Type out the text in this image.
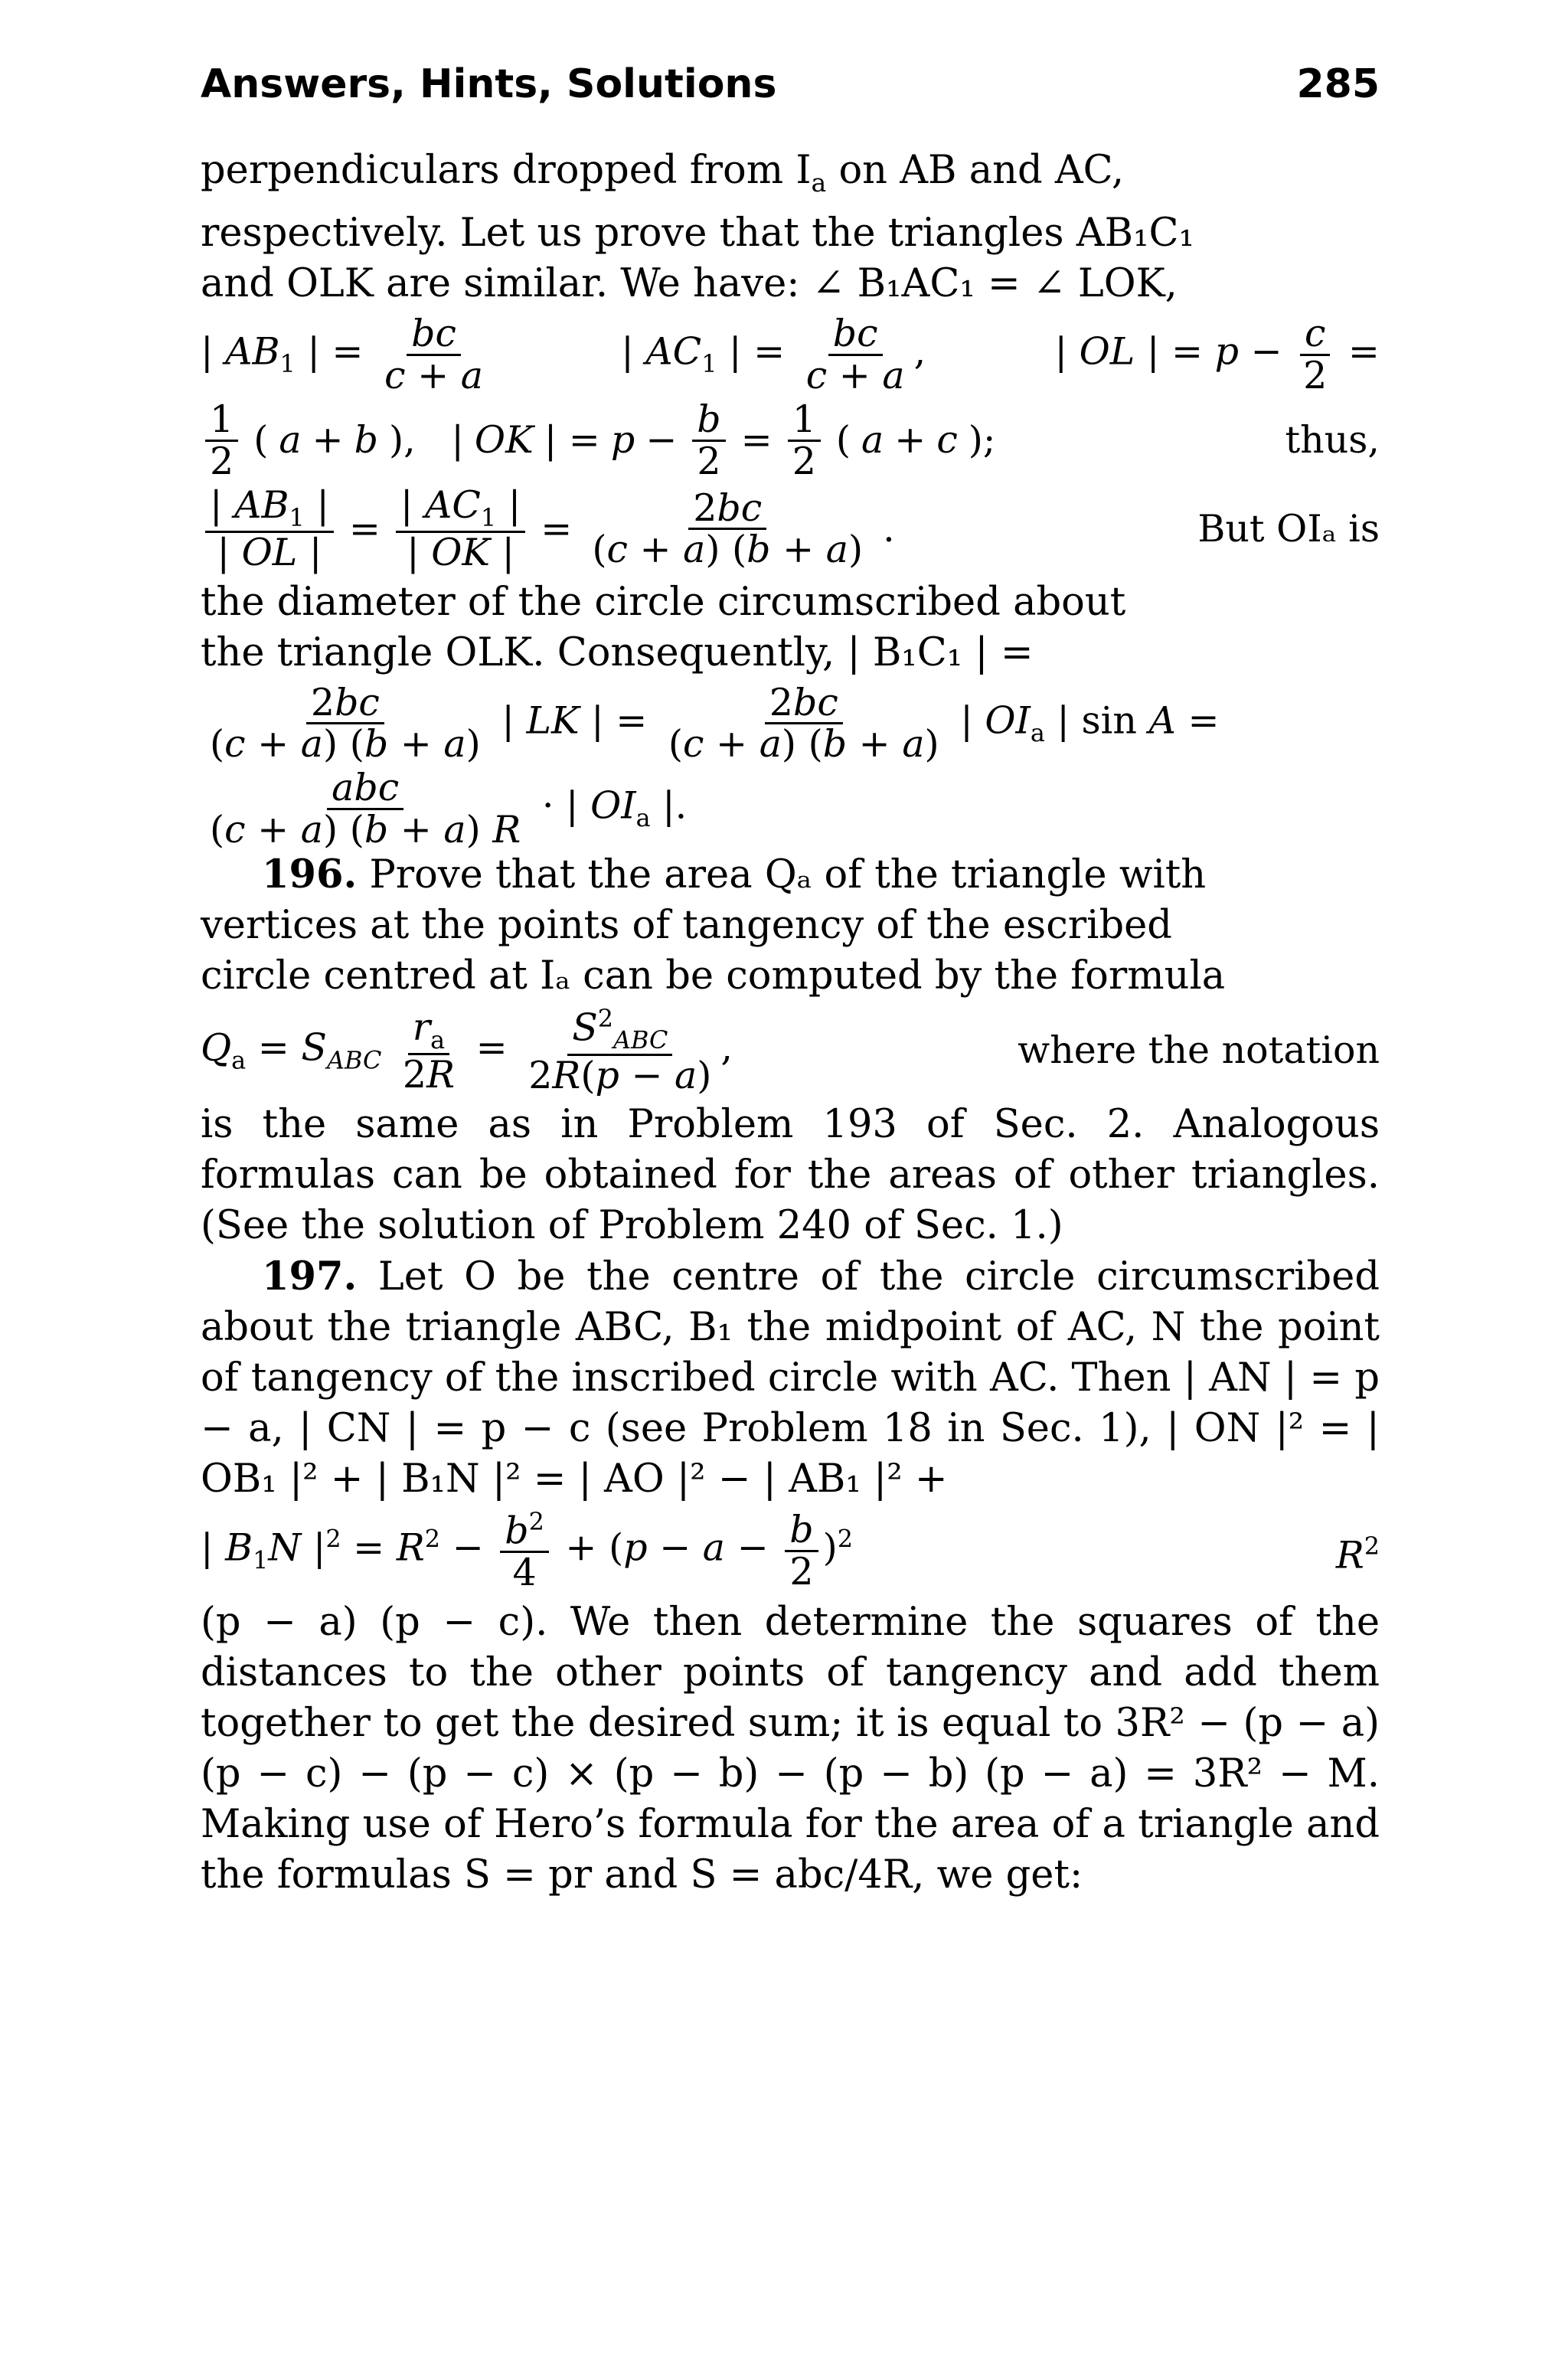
Answers, Hints, Solutions	285

perpendiculars dropped from $I_a$ on AB and AC,

respectively. Let us prove that the triangles AB₁C₁

and OLK are similar. We have: ∠ B₁AC₁ = ∠ LOK,

| $AB_1$ | = $\frac{bc}{c + a}$	| $AC_1$ | = $\frac{bc}{c + a}$ ,	| OL | = $p - \frac{c}{2}$ =
$\frac{1}{2}$ ( a + b ),   | OK | = $p - \frac{b}{2} = \frac{1}{2}$ ( a + c );	thus,
$\frac{| AB_1 |}{| OL |} = \frac{| AC_1 |}{| OK |} = \frac{2bc}{(c + a) (b + a)}$ .	But OIₐ is

the diameter of the circle circumscribed about

the triangle OLK. Consequently, | B₁C₁ | =

$\frac{2bc}{(c + a) (b + a)}$ | LK | = $\frac{2bc}{(c + a) (b + a)}$ | $OI_a$ | sin A =
$\frac{\text{abc}}{(c + a) (b + a) R}$ · | $OI_a$ |.

196. Prove that the area Qₐ of the triangle with

vertices at the points of tangency of the escribed

circle centred at Iₐ can be computed by the formula

$Q_a = S_{ABC} \frac{r_a}{2R} = \frac{S^2_{ABC}}{2R(p - a)}$ ,	where the notation

is the same as in Problem 193 of Sec. 2. Analogous formulas can be obtained for the areas of other triangles. (See the solution of Problem 240 of Sec. 1.)

197. Let O be the centre of the circle circumscribed about the triangle ABC, B₁ the midpoint of AC, N the point of tangency of the inscribed circle with AC. Then | AN | = p − a, | CN | = p − c (see Problem 18 in Sec. 1), | ON |² = | OB₁ |² + | B₁N |² = | AO |² − | AB₁ |² +

| $B_1N$ $|^2 = R^2 - \frac{b^2}{4} + (p - a - \frac{b}{2} )^2$	$R^2$

(p − a) (p − c). We then determine the squares of the distances to the other points of tangency and add them together to get the desired sum; it is equal to 3R² − (p − a) (p − c) − (p − c) × (p − b) − (p − b) (p − a) = 3R² − M. Making use of Hero’s formula for the area of a triangle and the formulas S = pr and S = abc/4R, we get:
